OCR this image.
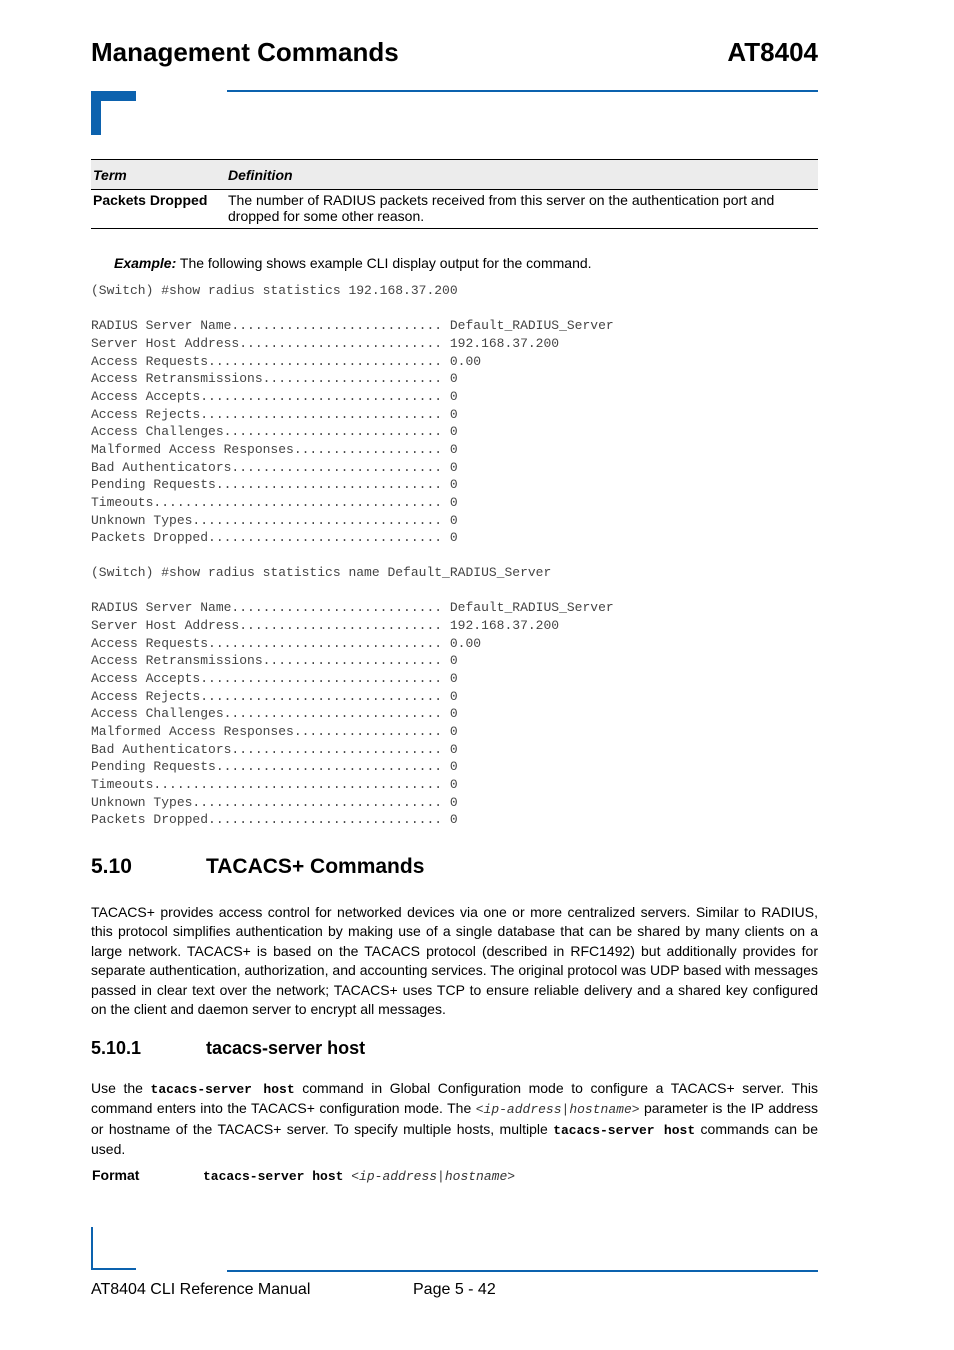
Management Commands	AT8404
Term	Definition
Packets Dropped	The number of RADIUS packets received from this server on the authentication port and dropped for some other reason.
Example: The following shows example CLI display output for the command.
(Switch) #show radius statistics 192.168.37.200

RADIUS Server Name........................... Default_RADIUS_Server
Server Host Address.......................... 192.168.37.200
Access Requests.............................. 0.00
Access Retransmissions....................... 0
Access Accepts............................... 0
Access Rejects............................... 0
Access Challenges............................ 0
Malformed Access Responses................... 0
Bad Authenticators........................... 0
Pending Requests............................. 0
Timeouts..................................... 0
Unknown Types................................ 0
Packets Dropped.............................. 0
(Switch) #show radius statistics name Default_RADIUS_Server

RADIUS Server Name........................... Default_RADIUS_Server
Server Host Address.......................... 192.168.37.200
Access Requests.............................. 0.00
Access Retransmissions....................... 0
Access Accepts............................... 0
Access Rejects............................... 0
Access Challenges............................ 0
Malformed Access Responses................... 0
Bad Authenticators........................... 0
Pending Requests............................. 0
Timeouts..................................... 0
Unknown Types................................ 0
Packets Dropped.............................. 0
5.10	TACACS+ Commands
TACACS+ provides access control for networked devices via one or more centralized servers. Similar to RADIUS, this protocol simplifies authentication by making use of a single database that can be shared by many clients on a large network. TACACS+ is based on the TACACS protocol (described in RFC1492) but additionally provides for separate authentication, authorization, and accounting services. The original protocol was UDP based with messages passed in clear text over the network; TACACS+ uses TCP to ensure reliable delivery and a shared key configured on the client and daemon server to encrypt all messages.
5.10.1	tacacs-server host
Use the tacacs-server host command in Global Configuration mode to configure a TACACS+ server. This command enters into the TACACS+ configuration mode. The <ip-address|hostname> parameter is the IP address or hostname of the TACACS+ server. To specify multiple hosts, multiple tacacs-server host commands can be used.
Format	tacacs-server host <ip-address|hostname>
AT8404 CLI Reference Manual	Page 5 - 42
